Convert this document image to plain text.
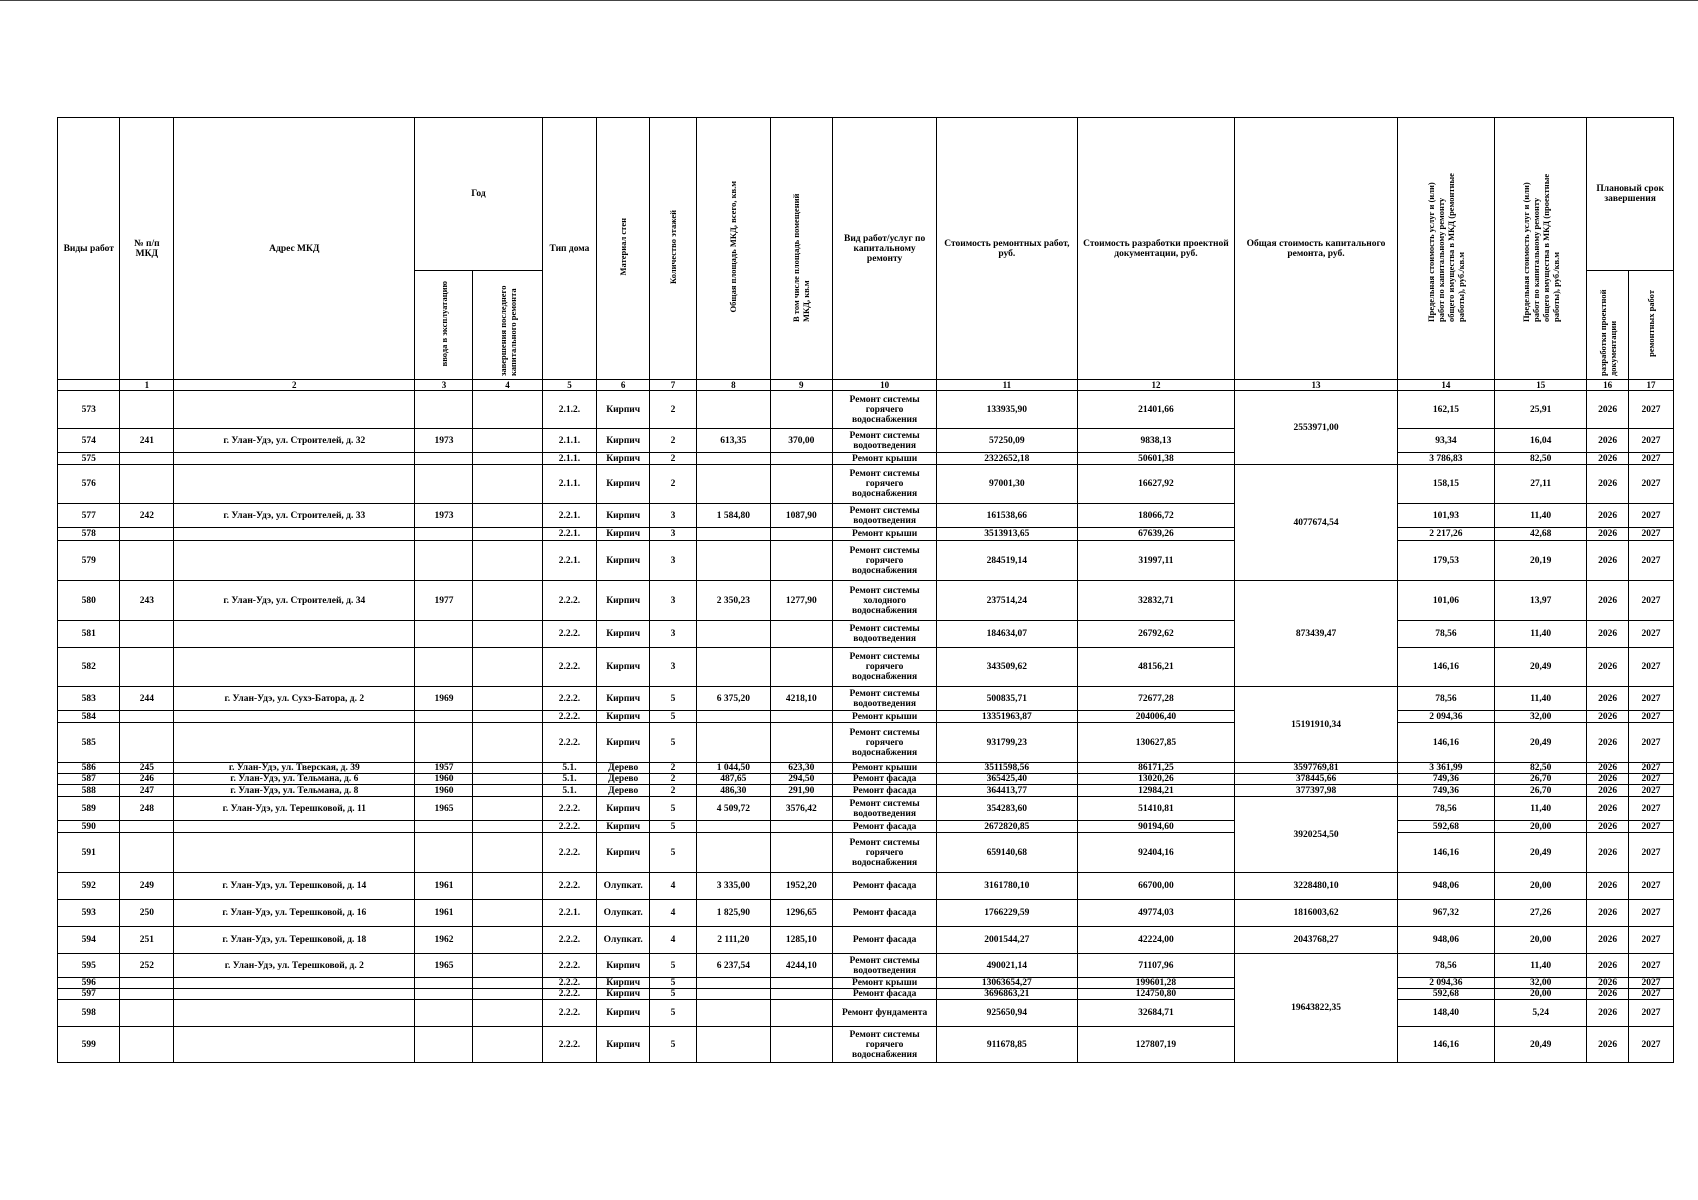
Виды работ	№ п/п МКД	Адрес МКД	Год		Тип дома	Материал стен	Количество этажей	Общая площадь МКД, всего, кв.м	В том числе площадь помещений МКД, кв.м	Вид работ/услуг по капитальному ремонту	Стоимость ремонтных работ, руб.	Стоимость разработки проектной документации, руб.	Общая стоимость капитального ремонта, руб.	Предельная стоимость услуг и (или) работ по капитальному ремонту общего имущества в МКД (ремонтные работы), руб./кв.м	Предельная стоимость услуг и (или) работ по капитальному ремонту общего имущества в МКД (проектные работы), руб./кв.м	Плановый срок завершения	
			ввода в эксплуатацию	завершения последнего капитального ремонта												разработки проектной документации	ремонтных работ
	1	2	3	4	5	6	7	8	9	10	11	12	13	14	15	16	17
573					2.1.2.	Кирпич	2			Ремонт системы горячего водоснабжения	133935,90	21401,66	2553971,00	162,15	25,91	2026	2027
574	241	г. Улан-Удэ, ул. Строителей, д. 32	1973		2.1.1.	Кирпич	2	613,35	370,00	Ремонт системы водоотведения	57250,09	9838,13		93,34	16,04	2026	2027
575					2.1.1.	Кирпич	2			Ремонт крыши	2322652,18	50601,38		3 786,83	82,50	2026	2027
576					2.1.1.	Кирпич	2			Ремонт системы горячего водоснабжения	97001,30	16627,92	4077674,54	158,15	27,11	2026	2027
577	242	г. Улан-Удэ, ул. Строителей, д. 33	1973		2.2.1.	Кирпич	3	1 584,80	1087,90	Ремонт системы водоотведения	161538,66	18066,72		101,93	11,40	2026	2027
578					2.2.1.	Кирпич	3			Ремонт крыши	3513913,65	67639,26		2 217,26	42,68	2026	2027
579					2.2.1.	Кирпич	3			Ремонт системы горячего водоснабжения	284519,14	31997,11		179,53	20,19	2026	2027
580	243	г. Улан-Удэ, ул. Строителей, д. 34	1977		2.2.2.	Кирпич	3	2 350,23	1277,90	Ремонт системы холодного водоснабжения	237514,24	32832,71	873439,47	101,06	13,97	2026	2027
581					2.2.2.	Кирпич	3			Ремонт системы водоотведения	184634,07	26792,62		78,56	11,40	2026	2027
582					2.2.2.	Кирпич	3			Ремонт системы горячего водоснабжения	343509,62	48156,21		146,16	20,49	2026	2027
583	244	г. Улан-Удэ, ул. Сухэ-Батора, д. 2	1969		2.2.2.	Кирпич	5	6 375,20	4218,10	Ремонт системы водоотведения	500835,71	72677,28	15191910,34	78,56	11,40	2026	2027
584					2.2.2.	Кирпич	5			Ремонт крыши	13351963,87	204006,40		2 094,36	32,00	2026	2027
585					2.2.2.	Кирпич	5			Ремонт системы горячего водоснабжения	931799,23	130627,85		146,16	20,49	2026	2027
586	245	г. Улан-Удэ, ул. Тверская, д. 39	1957		5.1.	Дерево	2	1 044,50	623,30	Ремонт крыши	3511598,56	86171,25	3597769,81	3 361,99	82,50	2026	2027
587	246	г. Улан-Удэ, ул. Тельмана, д. 6	1960		5.1.	Дерево	2	487,65	294,50	Ремонт фасада	365425,40	13020,26	378445,66	749,36	26,70	2026	2027
588	247	г. Улан-Удэ, ул. Тельмана, д. 8	1960		5.1.	Дерево	2	486,30	291,90	Ремонт фасада	364413,77	12984,21	377397,98	749,36	26,70	2026	2027
589	248	г. Улан-Удэ, ул. Терешковой, д. 11	1965		2.2.2.	Кирпич	5	4 509,72	3576,42	Ремонт системы водоотведения	354283,60	51410,81	3920254,50	78,56	11,40	2026	2027
590					2.2.2.	Кирпич	5			Ремонт фасада	2672820,85	90194,60		592,68	20,00	2026	2027
591					2.2.2.	Кирпич	5			Ремонт системы горячего водоснабжения	659140,68	92404,16		146,16	20,49	2026	2027
592	249	г. Улан-Удэ, ул. Терешковой, д. 14	1961		2.2.2.	Олупкат.	4	3 335,00	1952,20	Ремонт фасада	3161780,10	66700,00	3228480,10	948,06	20,00	2026	2027
593	250	г. Улан-Удэ, ул. Терешковой, д. 16	1961		2.2.1.	Олупкат.	4	1 825,90	1296,65	Ремонт фасада	1766229,59	49774,03	1816003,62	967,32	27,26	2026	2027
594	251	г. Улан-Удэ, ул. Терешковой, д. 18	1962		2.2.2.	Олупкат.	4	2 111,20	1285,10	Ремонт фасада	2001544,27	42224,00	2043768,27	948,06	20,00	2026	2027
595	252	г. Улан-Удэ, ул. Терешковой, д. 2	1965		2.2.2.	Кирпич	5	6 237,54	4244,10	Ремонт системы водоотведения	490021,14	71107,96	19643822,35	78,56	11,40	2026	2027
596					2.2.2.	Кирпич	5			Ремонт крыши	13063654,27	199601,28		2 094,36	32,00	2026	2027
597					2.2.2.	Кирпич	5			Ремонт фасада	3696863,21	124750,80		592,68	20,00	2026	2027
598					2.2.2.	Кирпич	5			Ремонт фундамента	925650,94	32684,71		148,40	5,24	2026	2027
599					2.2.2.	Кирпич	5			Ремонт системы горячего водоснабжения	911678,85	127807,19		146,16	20,49	2026	2027
